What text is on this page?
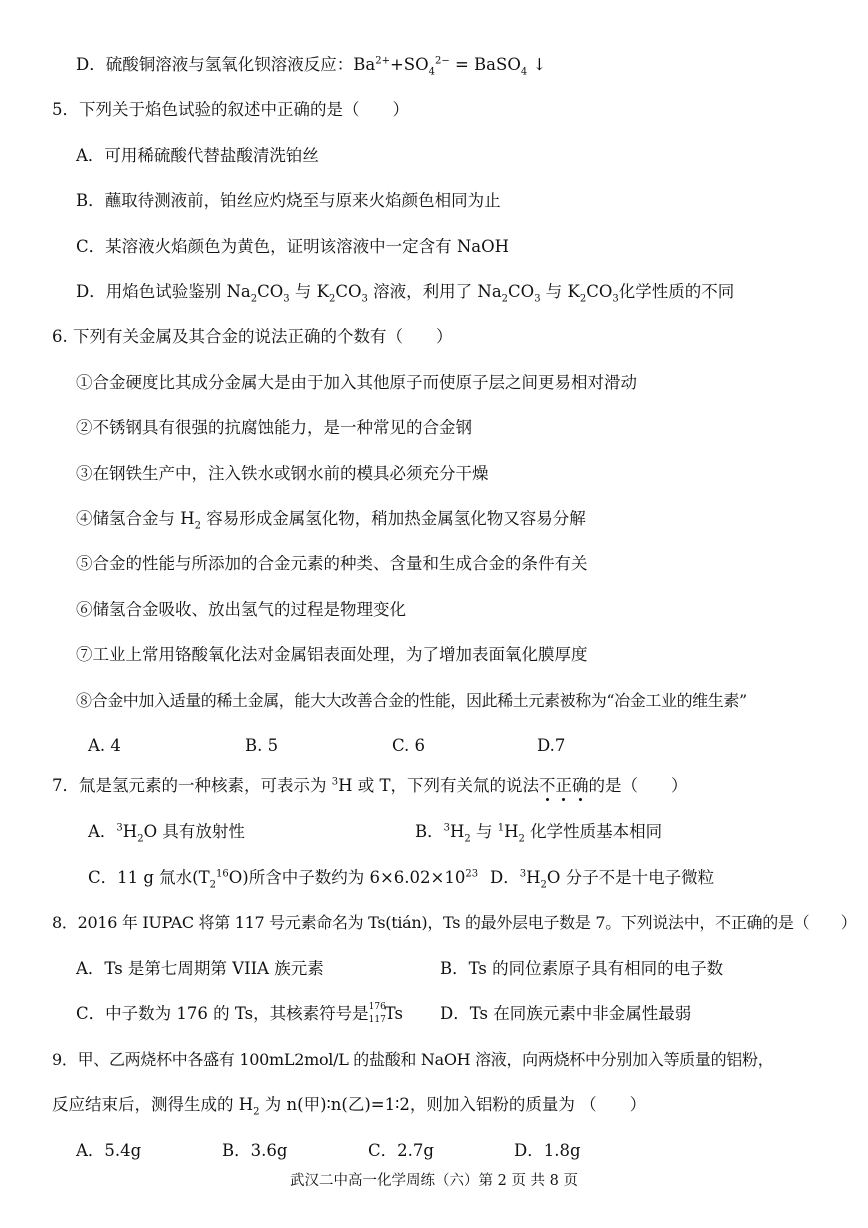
D．硫酸铜溶液与氢氧化钡溶液反应：$Ba^{2+}+SO_4^{2-}$ = BaSO$_4$ ↓
5．下列关于焰色试验的叙述中正确的是（　　）
A．可用稀硫酸代替盐酸清洗铂丝
B．蘸取待测液前，铂丝应灼烧至与原来火焰颜色相同为止
C．某溶液火焰颜色为黄色，证明该溶液中一定含有 NaOH
D．用焰色试验鉴别 $Na_2CO_3$ 与 $K_2CO_3$ 溶液，利用了 $Na_2CO_3$ 与 $K_2CO_3$化学性质的不同
6. 下列有关金属及其合金的说法正确的个数有（　　）
①合金硬度比其成分金属大是由于加入其他原子而使原子层之间更易相对滑动
②不锈钢具有很强的抗腐蚀能力，是一种常见的合金钢
③在钢铁生产中，注入铁水或钢水前的模具必须充分干燥
④储氢合金与 $H_2$ 容易形成金属氢化物，稍加热金属氢化物又容易分解
⑤合金的性能与所添加的合金元素的种类、含量和生成合金的条件有关
⑥储氢合金吸收、放出氢气的过程是物理变化
⑦工业上常用铬酸氧化法对金属铝表面处理，为了增加表面氧化膜厚度
⑧合金中加入适量的稀土金属，能大大改善合金的性能，因此稀土元素被称为“冶金工业的维生素”
A. 4	B. 5	C. 6	D.7
7．氚是氢元素的一种核素，可表示为 $^3$H 或 T，下列有关氚的说法不正确的是（　　）
A．$^3H_2O$ 具有放射性	B．$^3H_2$ 与 $^1H_2$ 化学性质基本相同
C．11 g 氚水$(T_2^{16}O)$所含中子数约为 $6\times 6.02\times 10^{23}$ D．$^3H_2O$ 分子不是十电子微粒
8．2016 年 IUPAC 将第 117 号元素命名为 Ts(tián)，Ts 的最外层电子数是 7。下列说法中，不正确的是（　　）
A．Ts 是第七周期第 VIIA 族元素	B．Ts 的同位素原子具有相同的电子数
C．中子数为 176 的 Ts，其核素符号是 176
117
Ts D．Ts 在同族元素中非金属性最弱
9．甲、乙两烧杯中各盛有 100mL2mol/L 的盐酸和 NaOH 溶液，向两烧杯中分别加入等质量的铝粉，
反应结束后，测得生成的 $H_2$ 为 n(甲)∶n(乙)=1∶2，则加入铝粉的质量为 （　　）
A．5.4g	B．3.6g	C．2.7g	D．1.8g
武汉二中高一化学周练（六）第 2 页 共 8 页
